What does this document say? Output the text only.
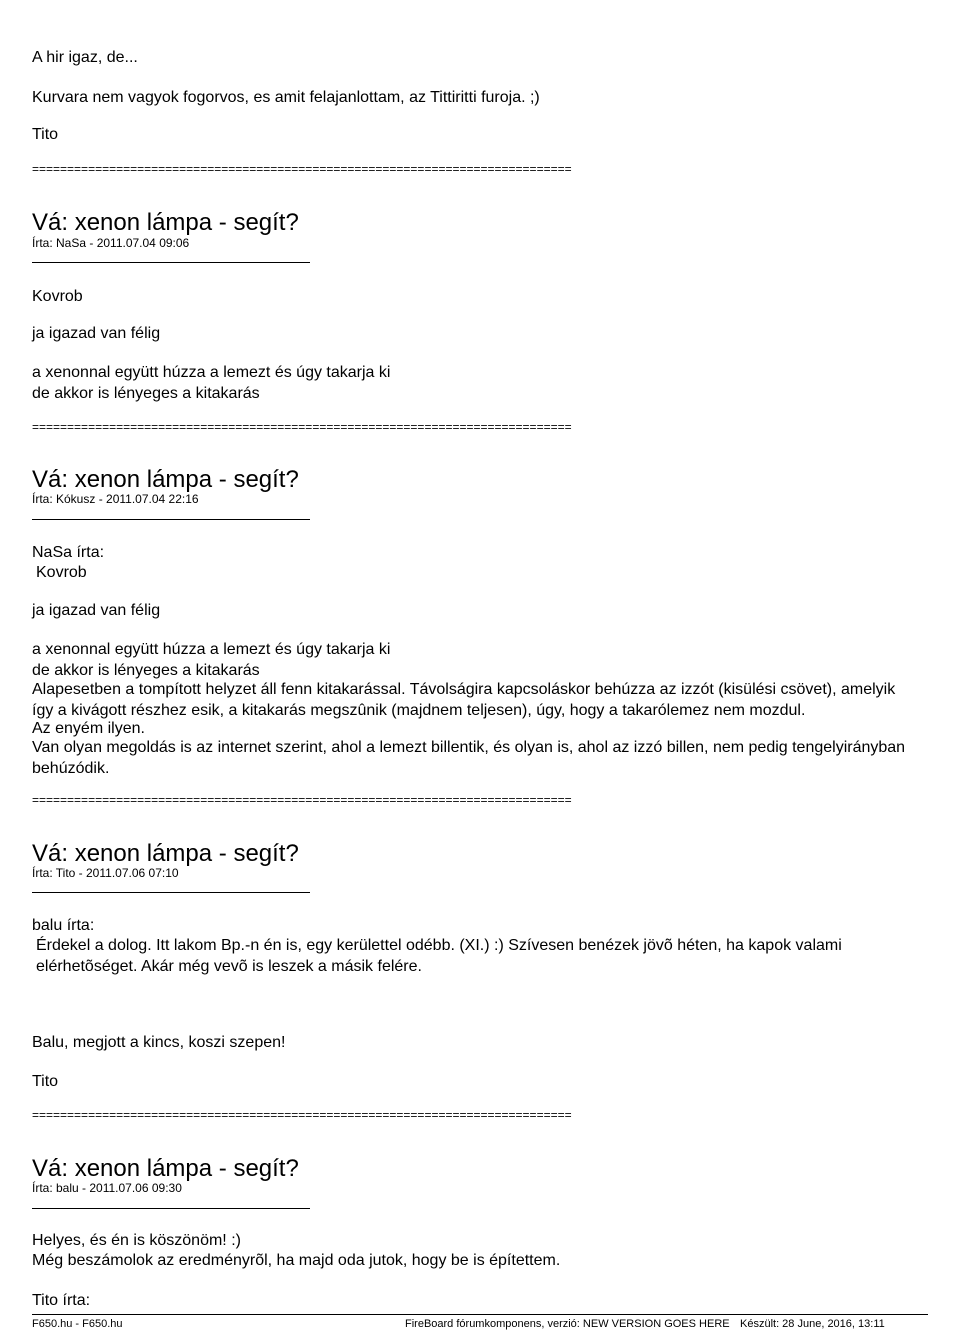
A hir igaz, de...
Kurvara nem vagyok fogorvos, es amit felajanlottam, az Tittiritti furoja. ;)
Tito
=============================================================================
Vá: xenon lámpa - segít?
Írta: NaSa - 2011.07.04 09:06
Kovrob
ja igazad van félig
a xenonnal együtt húzza a lemezt és úgy takarja ki
de akkor is lényeges a kitakarás
=============================================================================
Vá: xenon lámpa - segít?
Írta: Kókusz - 2011.07.04 22:16
NaSa írta:
Kovrob
ja igazad van félig
a xenonnal együtt húzza a lemezt és úgy takarja ki
de akkor is lényeges a kitakarás
Alapesetben a tompított helyzet áll fenn kitakarással. Távolságira kapcsoláskor behúzza az izzót (kisülési csövet), amelyik így a kivágott részhez esik, a kitakarás megszûnik (majdnem teljesen), úgy, hogy a takarólemez nem mozdul.
Az enyém ilyen.
Van olyan megoldás is az internet szerint, ahol a lemezt billentik, és olyan is, ahol az izzó billen, nem pedig tengelyirányban behúzódik.
=============================================================================
Vá: xenon lámpa - segít?
Írta: Tito - 2011.07.06 07:10
balu írta:
Érdekel a dolog. Itt lakom Bp.-n én is, egy kerülettel odébb. (XI.) :) Szívesen benézek jövõ héten, ha kapok valami elérhetõséget. Akár még vevõ is leszek a másik felére.
Balu, megjott a kincs, koszi szepen!
Tito
=============================================================================
Vá: xenon lámpa - segít?
Írta: balu - 2011.07.06 09:30
Helyes, és én is köszönöm! :)
Még beszámolok az eredményrõl, ha majd oda jutok, hogy be is építettem.
Tito írta:
F650.hu - F650.hu	FireBoard fórumkomponens, verzió: NEW VERSION GOES HERE Készült: 28 June, 2016, 13:11
